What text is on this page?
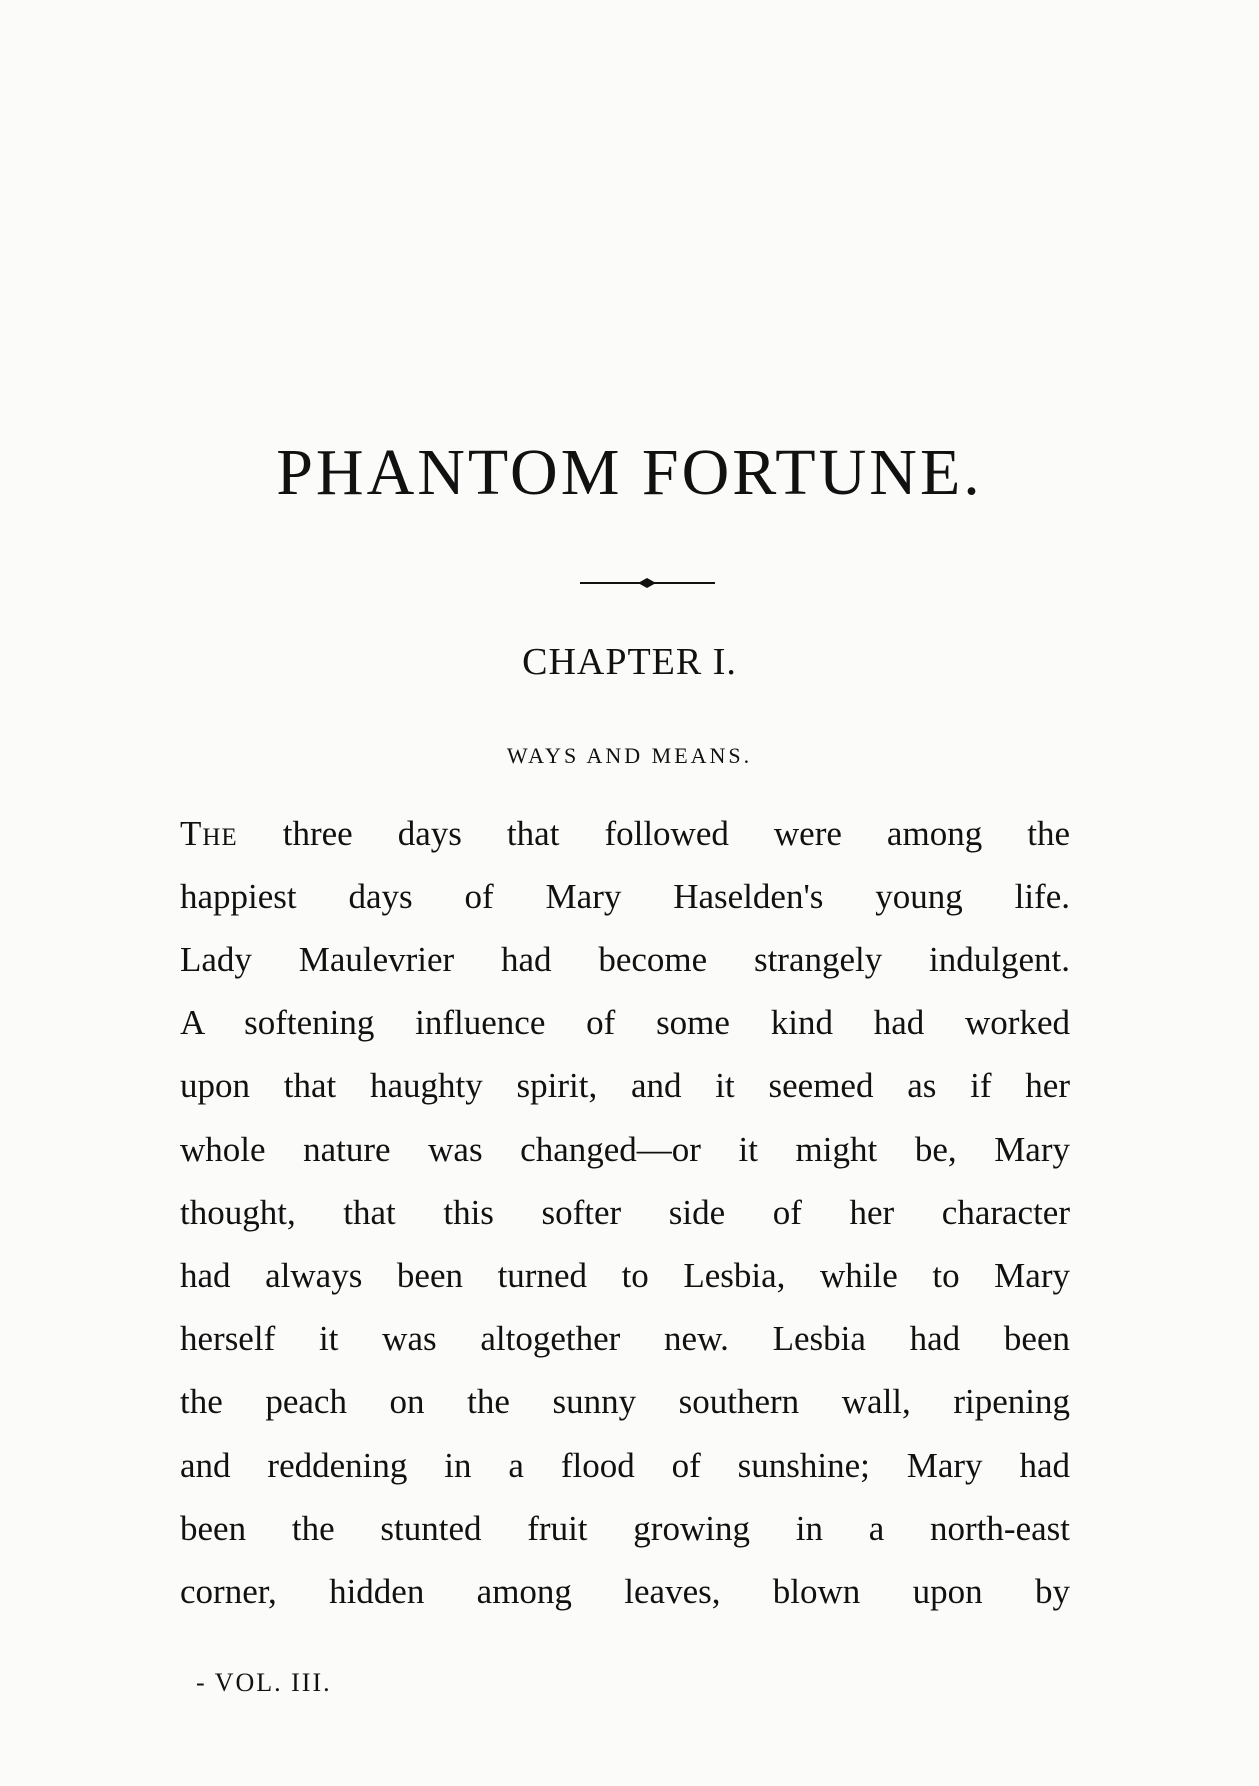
PHANTOM FORTUNE.
CHAPTER I.
WAYS AND MEANS.
The three days that followed were among the
happiest days of Mary Haselden's young life.
Lady Maulevrier had become strangely indulgent.
A softening influence of some kind had worked
upon that haughty spirit, and it seemed as if her
whole nature was changed—or it might be, Mary
thought, that this softer side of her character
had always been turned to Lesbia, while to Mary
herself it was altogether new. Lesbia had been
the peach on the sunny southern wall, ripening
and reddening in a flood of sunshine; Mary had
been the stunted fruit growing in a north-east
corner, hidden among leaves, blown upon by
- VOL. III.
